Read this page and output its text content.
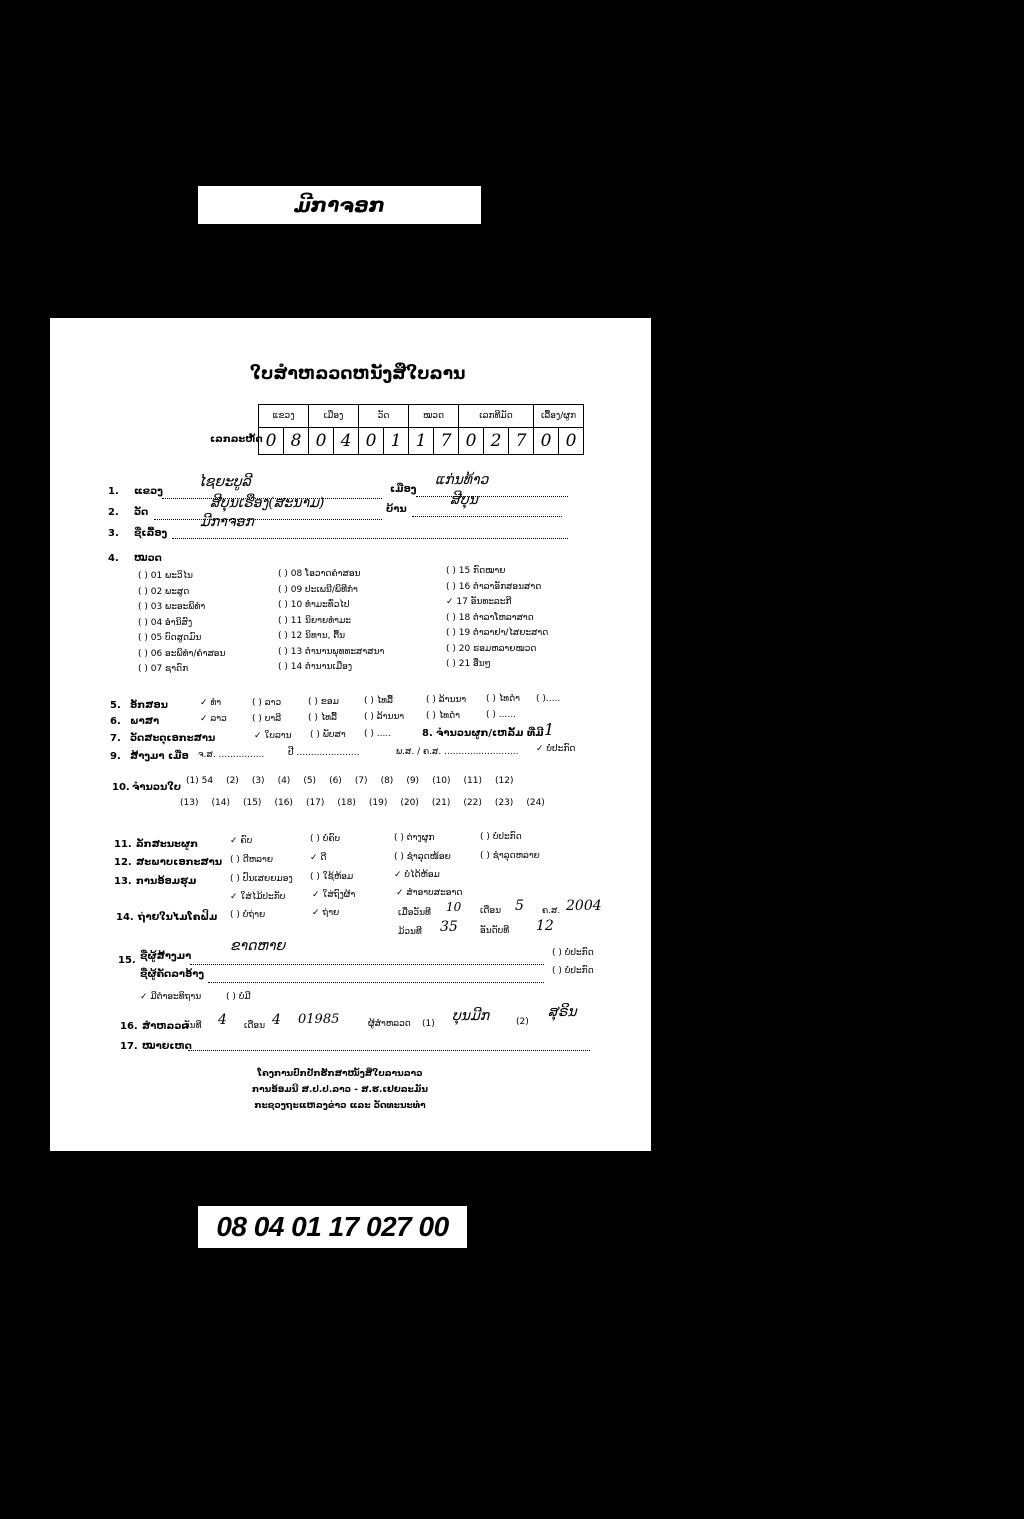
ມີກາຈອກ
ໃບສຳຫລວດຫນັງສືໃບລານ
ເລກລະຫັດ
ແຂວງ		ເມືອງ		ວັດ		ໝວດ		ເລກທີມັດ			ເລື້ອງ/ຜູກ	
0	8	0	4	0	1	1	7	0	2	7	0	0
1. ແຂວງ
ໄຊຍະບູລີ	ເມືອງ
ແກ່ນທ້າວ
2. ວັດ
ສີບຸນເຮືອງ(ສະນາມ)	ບ້ານ
ສີບຸນ
3. ຊື່ເລື້ອງ
ມີກາຈອກ
4. ໝວດ
( ) 01 ພະວິໄນ
( ) 02 ພະສູດ
( ) 03 ພະອະພິທຳ
( ) 04 ອໍານິສົງ
( ) 05 ບົດສູດມົນ
( ) 06 ອະພິທຳ/ຄຳສອນ
( ) 07 ຊາດົກ
( ) 08 ໂອວາດຄຳສອນ
( ) 09 ປະເພນີ/ພິທີກຳ
( ) 10 ທຳມະທົ່ວໄປ
( ) 11 ນິຍາຍທຳມະ
( ) 12 ນິທານ, ຕື້ນ
( ) 13 ຕຳນານພຸທທະສາສນາ
( ) 14 ຕຳນານເມືອງ
( ) 15 ກົດໝາຍ
( ) 16 ຕຳລາອັກສອນສາດ
✓ 17 ອັນທະລະກີ
( ) 18 ຕຳລາໂຫລາສາດ
( ) 19 ຕຳລາຢາ/ໄສຍະສາດ
( ) 20 ຮອມຫລາຍໝວດ
( ) 21 ອື່ນໆ
5. ອັກສອນ	✓ ທຳ	( ) ລາວ	( ) ຂອມ	( ) ໄທລື້	( ) ລ້ານນາ ( ) ໄທດຳ ( ).....
6. ພາສາ	✓ ລາວ	( ) ບາລີ	( ) ໄທລື້	( ) ລ້ານນາ ( ) ໄທດຳ	( ) ......
7. ວັດສະດຸເອກະສານ	✓ ໃບລານ ( ) ພັບສາ ( ) .....	8. ຈຳນວນຜູກ/ເຫລັ້ມ ທີ່ມີ 1
9. ສ້າງມາ ເມື່ອ ຈ.ສ. ................	ປີ ......................	ພ.ສ. / ຄ.ສ. .......................... ✓ ບໍ່ປະກົດ
10. ຈຳນວນໃບ
(1) 54 (2) (3) (4) (5) (6) (7) (8) (9) (10) (11) (12)
(13) (14) (15) (16) (17) (18) (19) (20) (21) (22) (23) (24)
11. ລັກສະນະຜູກ	✓ ຄົບ	( ) ບໍ່ຄົບ	( ) ຕ່າງຜູກ	( ) ບໍ່ປະກົດ
12. ສະພາບເອກະສານ ( ) ດີຫລາຍ	✓ ດີ	( ) ຊຳລຸດໜ້ອຍ	( ) ຊຳລຸດຫລາຍ
13. ການອ້ອມຮຸມ	( ) ປົນເສຍຍມອງ ( ) ໃຊ້ຫ້ອມ	✓ ບໍ່ໄດ້ຫ້ອມ
✓ ໃສ່ໄມ້ປະກັບ	✓ ໃສ່ຖົງຜ້າ	✓ ສຳອາບສະອາດ
14. ຖ່າຍໃນໄມໂຄຟິມ ( ) ບໍ່ຖ່າຍ	✓ ຖ່າຍ	ເມື່ອວັນທີ 10 ເດືອນ 5 ຄ.ສ. 2004
ມ້ວນທີ 35 ອັນດັບທີ 12
15. ຊື່ຜູ້ສ້າງມາ
ຂາດຫາຍ	( ) ບໍ່ປະກົດ
ຊື່ຜູ້ຄັດລາອ້າງ	( ) ບໍ່ປະກົດ
✓ ມີຕຳອະທິຖານ	( ) ບໍ່ມີ
16. ສຳຫລວດ
ວັນທີ 4 ເດືອນ 4 01985	ຜູ້ສຳຫລວດ (1) ບຸນມີກ	(2)
ສຸຣິນ
17. ໝາຍເຫດ
ໂຄງການປົກປັກຮັກສາໜັງສືໃບລານລາວ
ການອ້ອມນີ ສ.ປ.ປ.ລາວ - ສ.ຮ.ເຢຍລະມັນ
ກະຊວງຖະແຫລງຂ່າວ ແລະ ວັດທະນະທຳ
08 04 01 17 027 00
